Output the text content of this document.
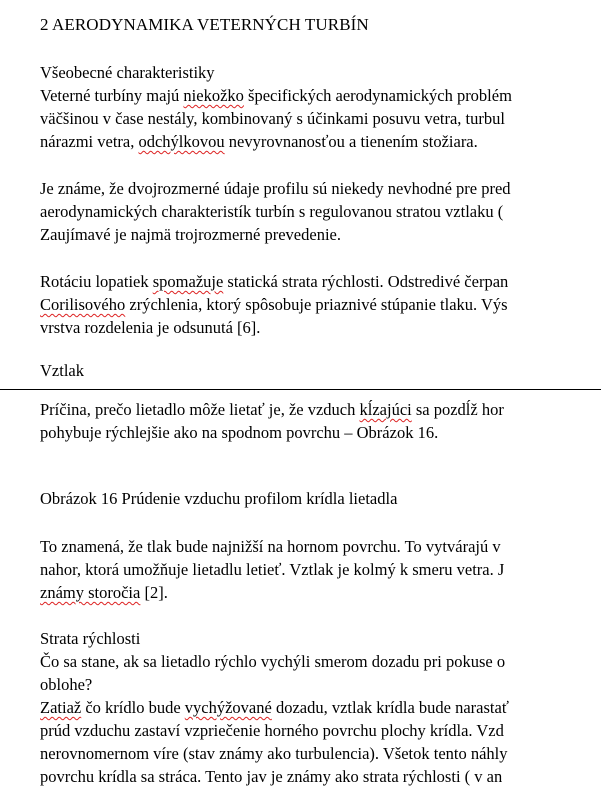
2 AERODYNAMIKA VETERNÝCH TURBÍN
Všeobecné charakteristiky
Veterné turbíny majú niekožko špecifických aerodynamických problém
väčšinou v čase nestály, kombinovaný s účinkami posuvu vetra, turbul
nárazmi vetra, odchýlkovou nevyrovnanosťou a tienením stožiara.
Je známe, že dvojrozmerné údaje profilu sú niekedy nevhodné pre pred
aerodynamických charakteristík turbín s regulovanou stratou vztlaku (
Zaujímavé je najmä trojrozmerné prevedenie.
Rotáciu lopatiek spomažuje statická strata rýchlosti. Odstredivé čerpan
Corilisového zrýchlenia, ktorý spôsobuje priaznivé stúpanie tlaku. Výs
vrstva rozdelenia je odsunutá [6].
Vztlak
Príčina, prečo lietadlo môže lietať je, že vzduch kĺzajúci sa pozdĺž hor
pohybuje rýchlejšie ako na spodnom povrchu – Obrázok 16.
Obrázok 16 Prúdenie vzduchu profilom krídla lietadla
To znamená, že tlak bude najnižší na hornom povrchu. To vytvárajú v
nahor, ktorá umožňuje lietadlu letieť. Vztlak je kolmý k smeru vetra. J
známy storočia [2].
Strata rýchlosti
Čo sa stane, ak sa lietadlo rýchlo vychýli smerom dozadu pri pokuse o
oblohe?
Zatiaž čo krídlo bude vychýžované dozadu, vztlak krídla bude narastať
prúd vzduchu zastaví vzpriečenie horného povrchu plochy krídla. Vzd
nerovnomernom víre (stav známy ako turbulencia). Všetok tento náhly
povrchu krídla sa stráca. Tento jav je známy ako strata rýchlosti ( v an
